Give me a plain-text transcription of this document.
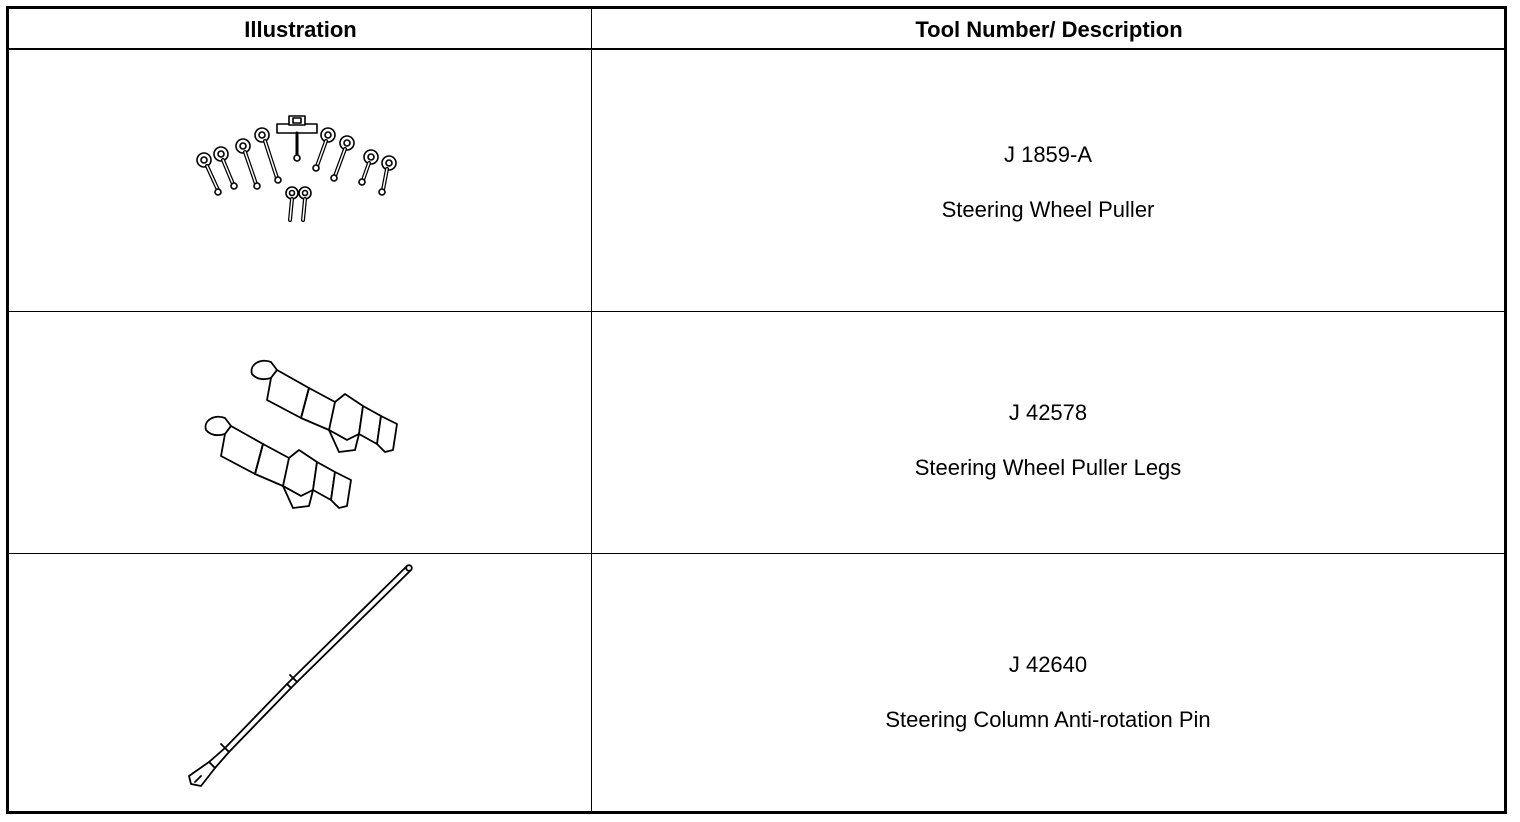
Illustration	Tool Number/ Description
J 1859-A
Steering Wheel Puller
J 42578
Steering Wheel Puller Legs
J 42640
Steering Column Anti-rotation Pin
